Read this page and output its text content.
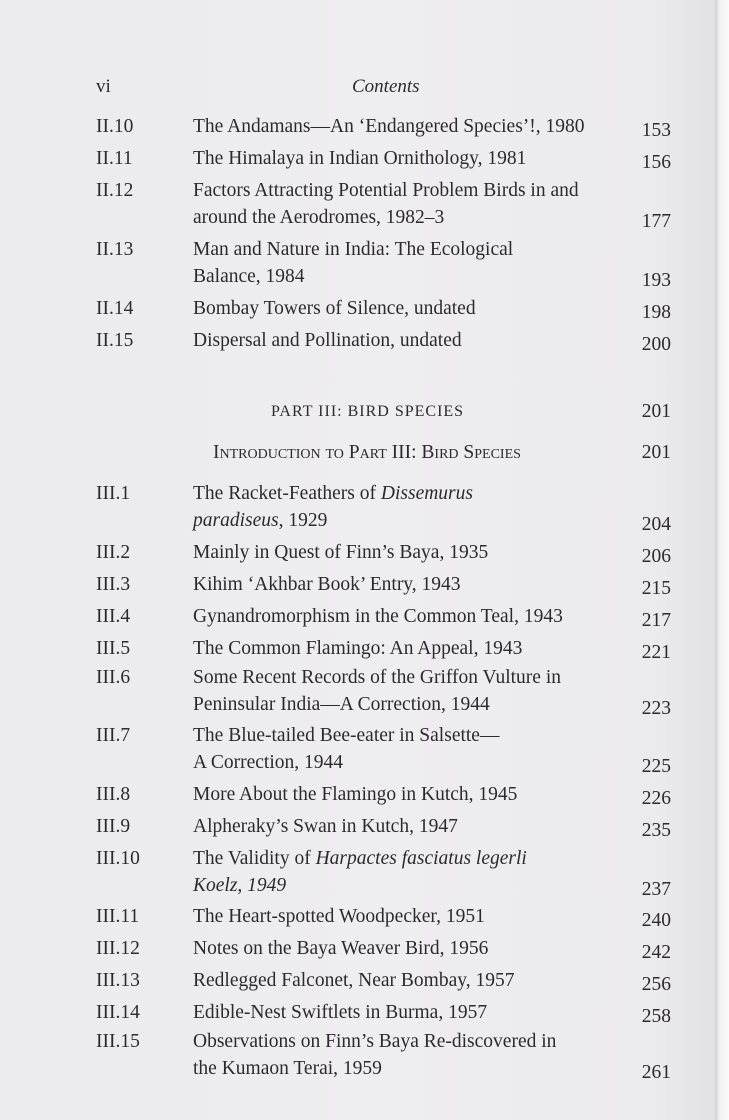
vi	Contents
II.10	The Andamans—An ‘Endangered Species’!, 1980	153
II.11	The Himalaya in Indian Ornithology, 1981	156
II.12	Factors Attracting Potential Problem Birds in and
around the Aerodromes, 1982–3	177
II.13	Man and Nature in India: The Ecological
Balance, 1984	193
II.14	Bombay Towers of Silence, undated	198
II.15	Dispersal and Pollination, undated	200
PART III: BIRD SPECIES	201
Introduction to Part III: Bird Species	201
III.1	The Racket-Feathers of Dissemurus
paradiseus, 1929	204
III.2	Mainly in Quest of Finn’s Baya, 1935	206
III.3	Kihim ‘Akhbar Book’ Entry, 1943	215
III.4	Gynandromorphism in the Common Teal, 1943	217
III.5	The Common Flamingo: An Appeal, 1943	221
III.6	Some Recent Records of the Griffon Vulture in
Peninsular India—A Correction, 1944	223
III.7	The Blue-tailed Bee-eater in Salsette—
A Correction, 1944	225
III.8	More About the Flamingo in Kutch, 1945	226
III.9	Alpheraky’s Swan in Kutch, 1947	235
III.10	The Validity of Harpactes fasciatus legerli
Koelz, 1949	237
III.11	The Heart-spotted Woodpecker, 1951	240
III.12	Notes on the Baya Weaver Bird, 1956	242
III.13	Redlegged Falconet, Near Bombay, 1957	256
III.14	Edible-Nest Swiftlets in Burma, 1957	258
III.15	Observations on Finn’s Baya Re-discovered in
the Kumaon Terai, 1959	261
